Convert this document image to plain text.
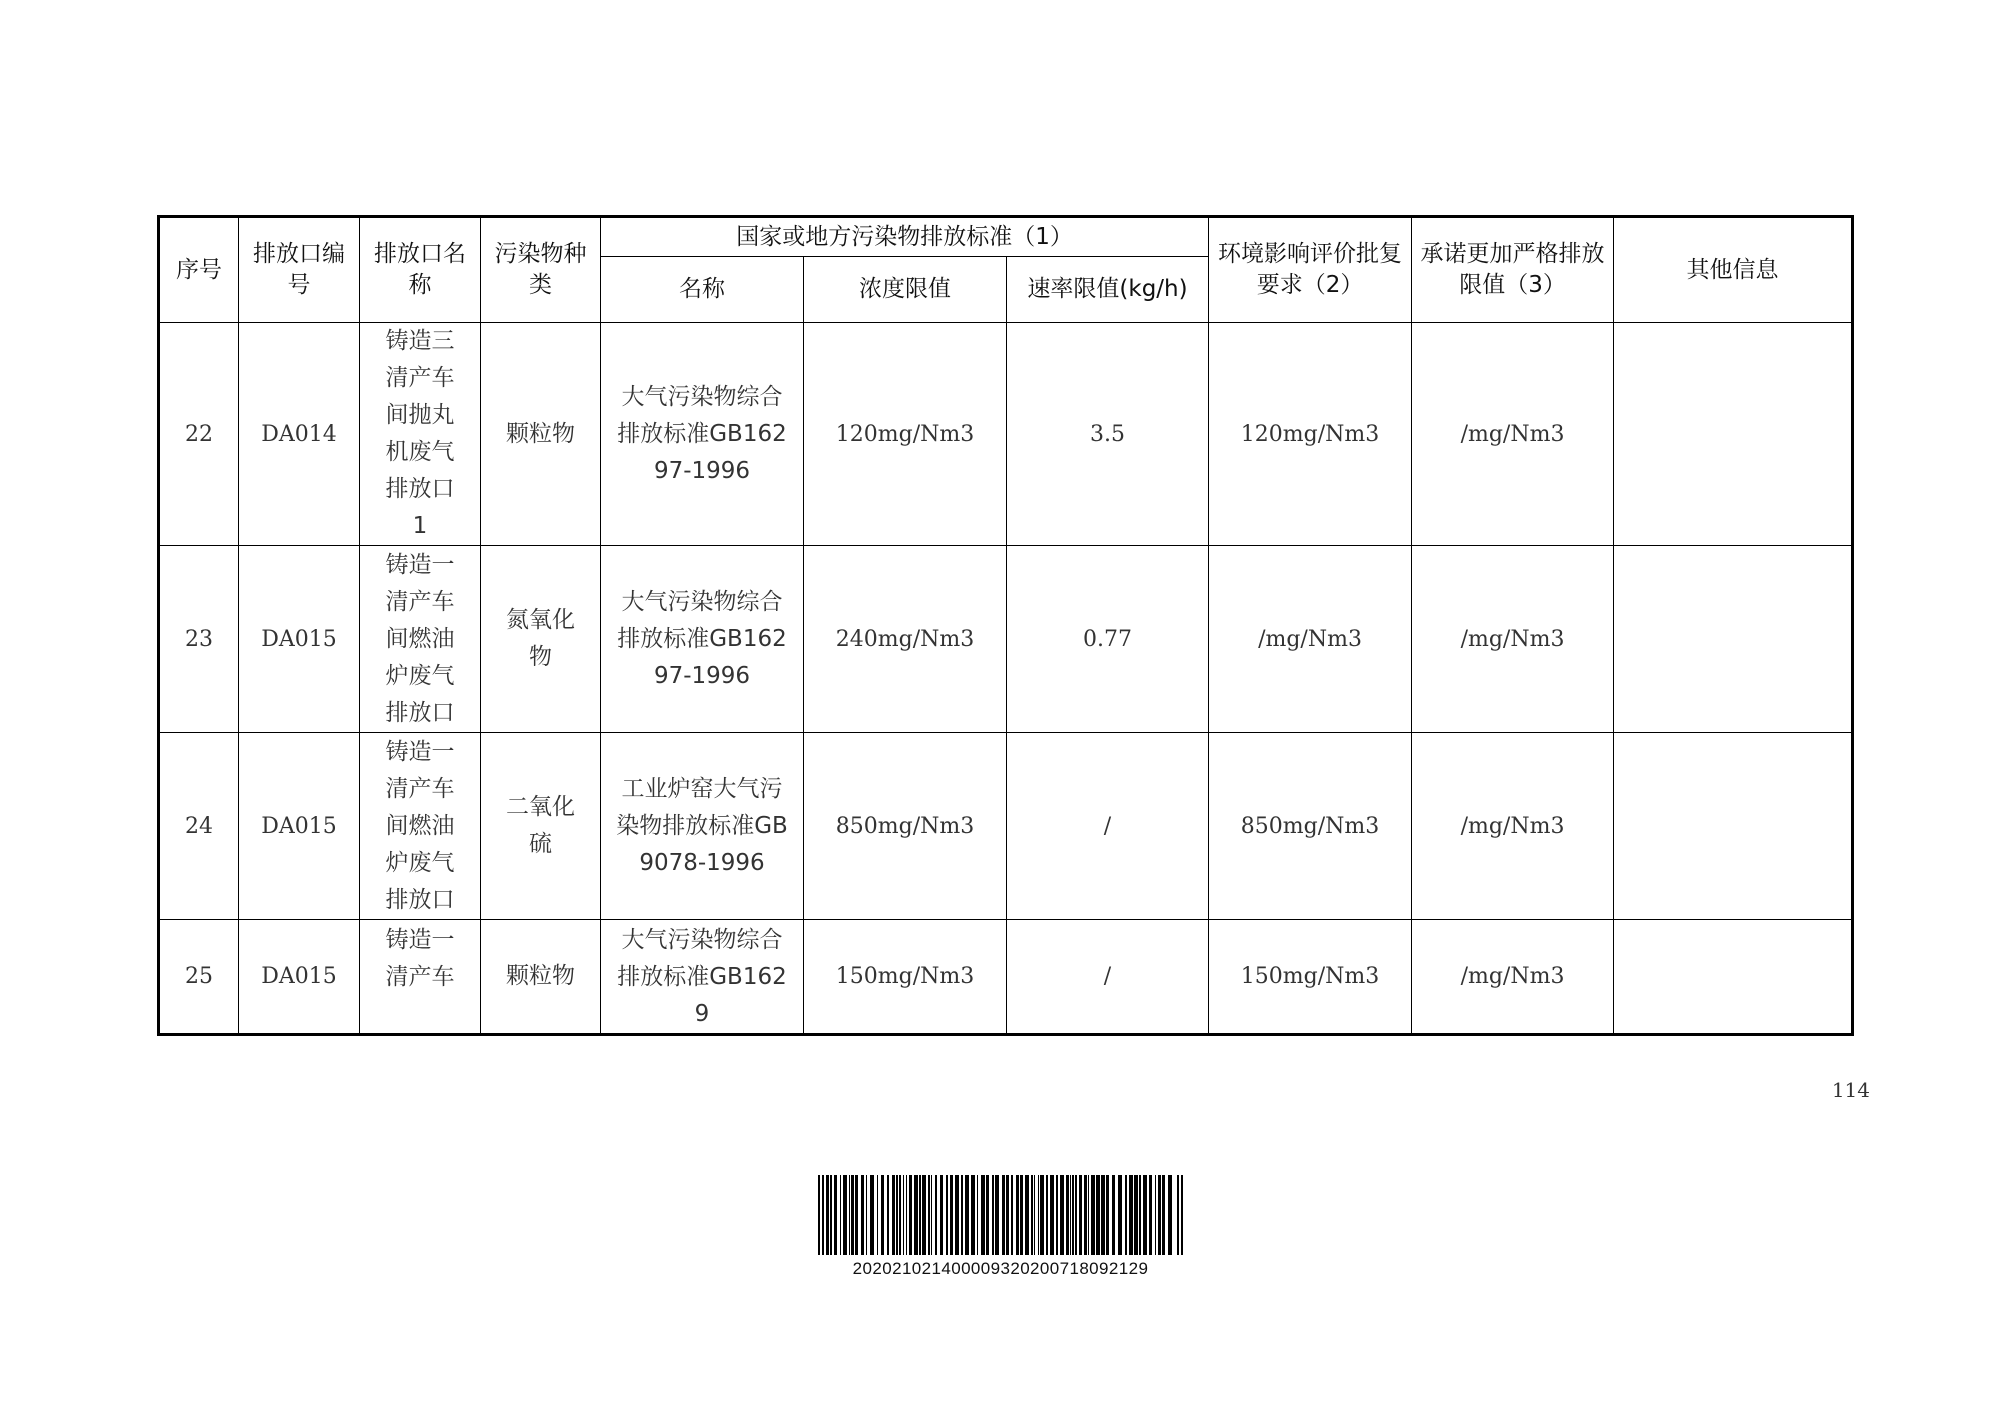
序号	排放口编号	排放口名称	污染物种类	国家或地方污染物排放标准（1）			环境影响评价批复要求（2）	承诺更加严格排放限值（3）	其他信息
				名称	浓度限值	速率限值(kg/h)			
22	DA014	铸造三清产车间抛丸机废气排放口1	颗粒物	大气污染物综合排放标准GB16297-1996	120mg/Nm3	3.5	120mg/Nm3	/mg/Nm3	
23	DA015	铸造一清产车间燃油炉废气排放口	氮氧化物	大气污染物综合排放标准GB16297-1996	240mg/Nm3	0.77	/mg/Nm3	/mg/Nm3	
24	DA015	铸造一清产车间燃油炉废气排放口	二氧化硫	工业炉窑大气污染物排放标准GB9078-1996	850mg/Nm3	/	850mg/Nm3	/mg/Nm3	
25	DA015	铸造一清产车	颗粒物	大气污染物综合排放标准GB1629	150mg/Nm3	/	150mg/Nm3	/mg/Nm3	
114
20202102140000932020071809212​9
